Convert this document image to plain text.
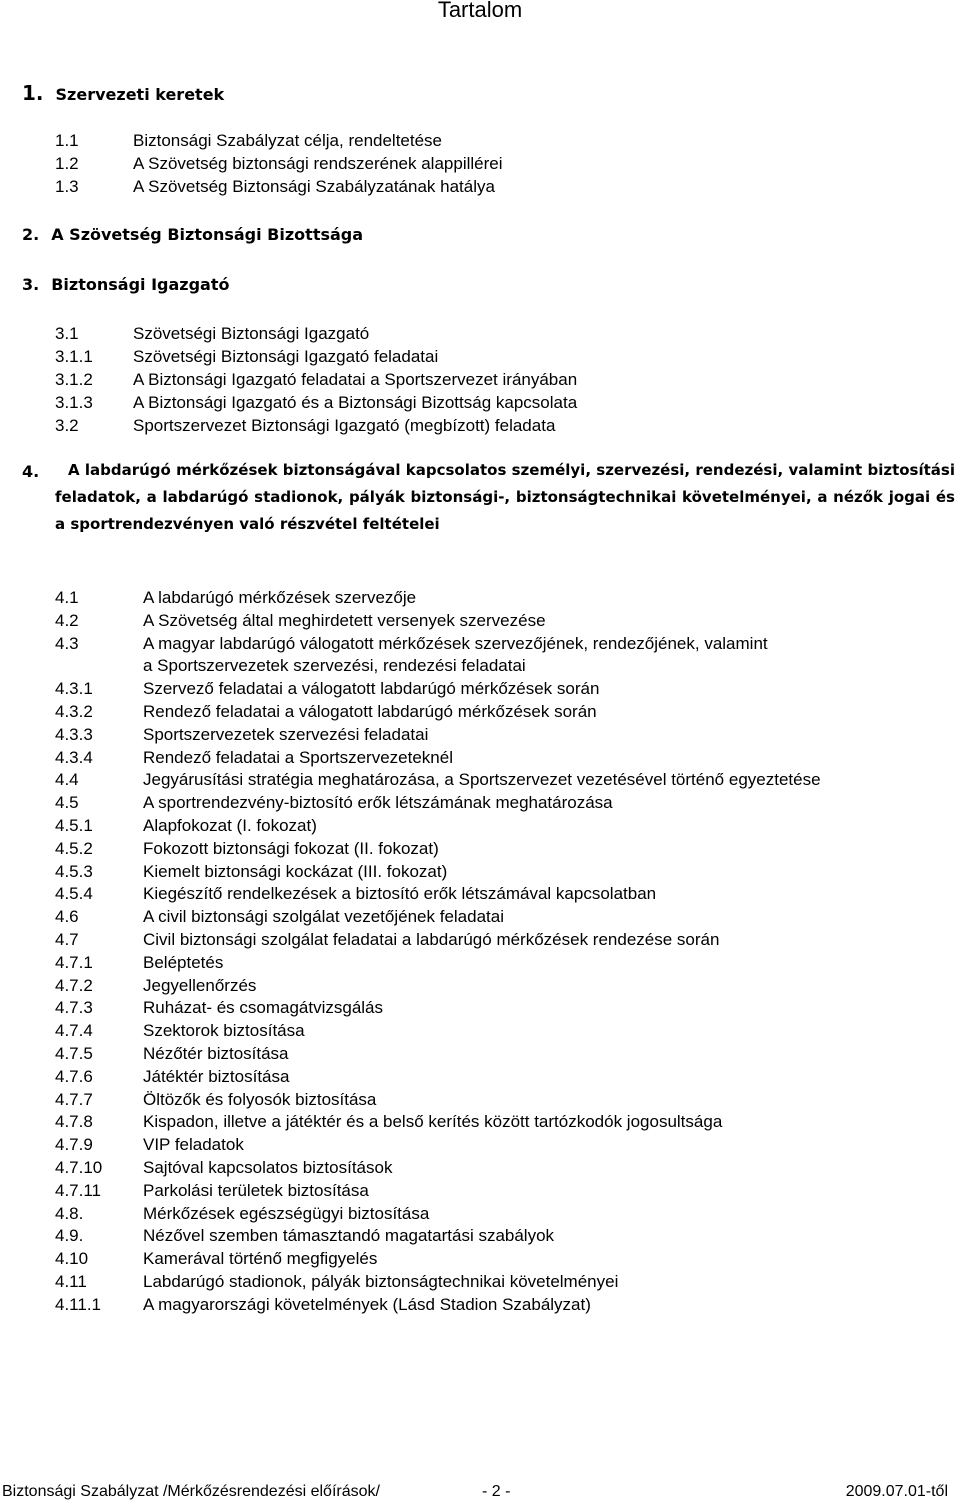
Tartalom
1. Szervezeti keretek
1.1	Biztonsági Szabályzat célja, rendeltetése
1.2	A Szövetség biztonsági rendszerének alappillérei
1.3	A Szövetség Biztonsági Szabályzatának hatálya
2. A Szövetség Biztonsági Bizottsága
3. Biztonsági Igazgató
3.1	Szövetségi Biztonsági Igazgató
3.1.1 Szövetségi Biztonsági Igazgató feladatai
3.1.2 A Biztonsági Igazgató feladatai a Sportszervezet irányában
3.1.3 A Biztonsági Igazgató és a Biztonsági Bizottság kapcsolata
3.2	Sportszervezet Biztonsági Igazgató (megbízott) feladata
4.	A labdarúgó mérkőzések biztonságával kapcsolatos személyi, szervezési, rendezési, valamint biztosítási feladatok, a labdarúgó stadionok, pályák biztonsági-, biztonságtechnikai követelményei, a nézők jogai és a sportrendezvényen való részvétel feltételei
4.1	A labdarúgó mérkőzések szervezője
4.2	A Szövetség által meghirdetett versenyek szervezése
4.3	A magyar labdarúgó válogatott mérkőzések szervezőjének, rendezőjének, valamint
a Sportszervezetek szervezési, rendezési feladatai
4.3.1	Szervező feladatai a válogatott labdarúgó mérkőzések során
4.3.2	Rendező feladatai a válogatott labdarúgó mérkőzések során
4.3.3	Sportszervezetek szervezési feladatai
4.3.4	Rendező feladatai a Sportszervezeteknél
4.4	Jegyárusítási stratégia meghatározása, a Sportszervezet vezetésével történő egyeztetése
4.5	A sportrendezvény-biztosító erők létszámának meghatározása
4.5.1	Alapfokozat (I. fokozat)
4.5.2	Fokozott biztonsági fokozat (II. fokozat)
4.5.3	Kiemelt biztonsági kockázat (III. fokozat)
4.5.4	Kiegészítő rendelkezések a biztosító erők létszámával kapcsolatban
4.6	A civil biztonsági szolgálat vezetőjének feladatai
4.7	Civil biztonsági szolgálat feladatai a labdarúgó mérkőzések rendezése során
4.7.1	Beléptetés
4.7.2	Jegyellenőrzés
4.7.3	Ruházat- és csomagátvizsgálás
4.7.4	Szektorok biztosítása
4.7.5	Nézőtér biztosítása
4.7.6	Játéktér biztosítása
4.7.7	Öltözők és folyosók biztosítása
4.7.8	Kispadon, illetve a játéktér és a belső kerítés között tartózkodók jogosultsága
4.7.9	VIP feladatok
4.7.10 Sajtóval kapcsolatos biztosítások
4.7.11 Parkolási területek biztosítása
4.8.	Mérkőzések egészségügyi biztosítása
4.9.	Nézővel szemben támasztandó magatartási szabályok
4.10	Kamerával történő megfigyelés
4.11	Labdarúgó stadionok, pályák biztonságtechnikai követelményei
4.11.1 A magyarországi követelmények (Lásd Stadion Szabályzat)
Biztonsági Szabályzat /Mérkőzésrendezési előírások/	- 2 -	2009.07.01-től
